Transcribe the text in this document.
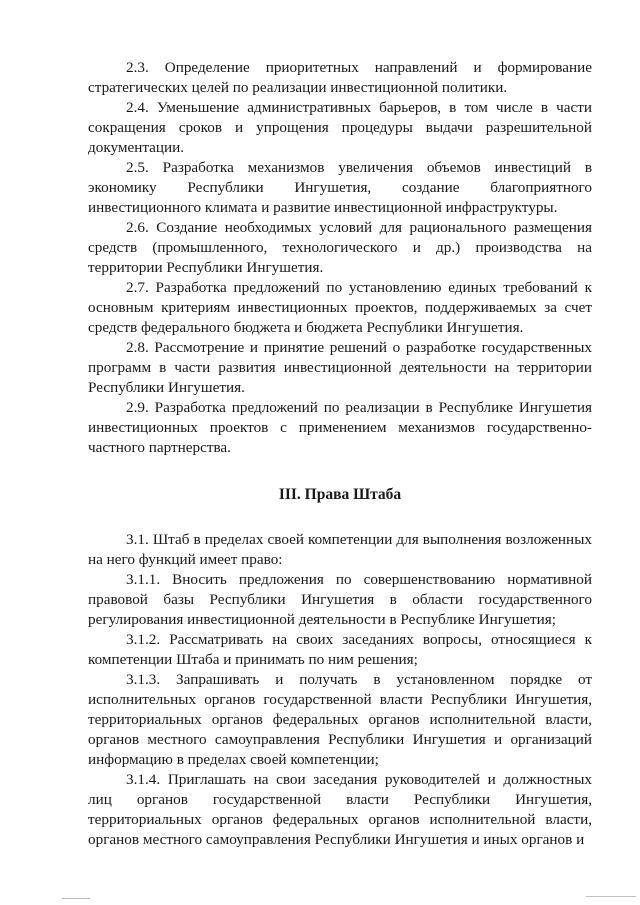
2.3. Определение приоритетных направлений и формирование стратегических целей по реализации инвестиционной политики.

2.4. Уменьшение административных барьеров, в том числе в части сокращения сроков и упрощения процедуры выдачи разрешительной документации.

2.5. Разработка механизмов увеличения объемов инвестиций в экономику Республики Ингушетия, создание благоприятного инвестиционного климата и развитие инвестиционной инфраструктуры.

2.6. Создание необходимых условий для рационального размещения средств (промышленного, технологического и др.) производства на территории Республики Ингушетия.

2.7. Разработка предложений по установлению единых требований к основным критериям инвестиционных проектов, поддерживаемых за счет средств федерального бюджета и бюджета Республики Ингушетия.

2.8. Рассмотрение и принятие решений о разработке государственных программ в части развития инвестиционной деятельности на территории Республики Ингушетия.

2.9. Разработка предложений по реализации в Республике Ингушетия инвестиционных проектов с применением механизмов государственно-частного партнерства.

III. Права Штаба

3.1. Штаб в пределах своей компетенции для выполнения возложенных на него функций имеет право:

3.1.1. Вносить предложения по совершенствованию нормативной правовой базы Республики Ингушетия в области государственного регулирования инвестиционной деятельности в Республике Ингушетия;

3.1.2. Рассматривать на своих заседаниях вопросы, относящиеся к компетенции Штаба и принимать по ним решения;

3.1.3. Запрашивать и получать в установленном порядке от исполнительных органов государственной власти Республики Ингушетия, территориальных органов федеральных органов исполнительной власти, органов местного самоуправления Республики Ингушетия и организаций информацию в пределах своей компетенции;

3.1.4. Приглашать на свои заседания руководителей и должностных лиц органов государственной власти Республики Ингушетия, территориальных органов федеральных органов исполнительной власти, органов местного самоуправления Республики Ингушетия и иных органов и
